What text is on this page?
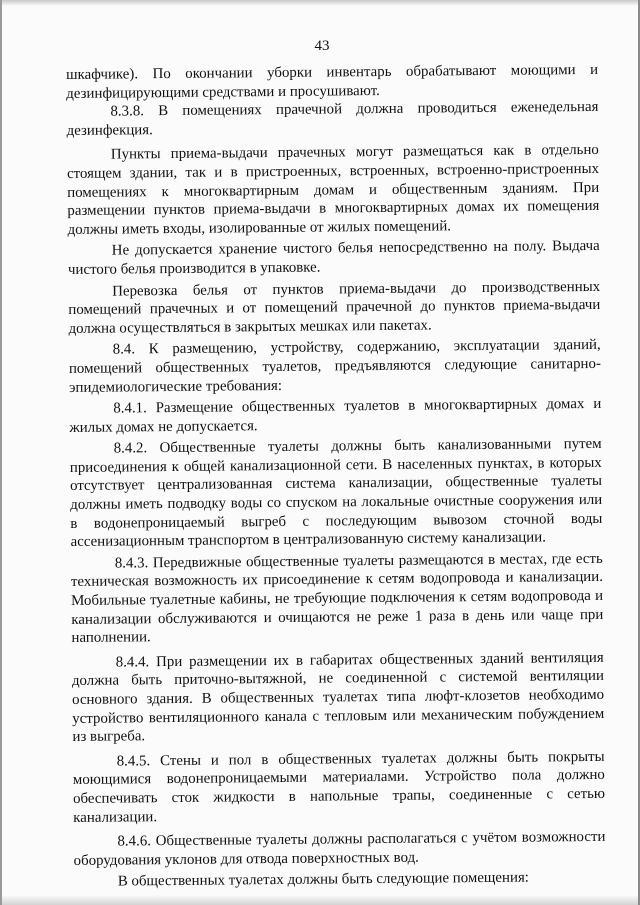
43

шкафчике). По окончании уборки инвентарь обрабатывают моющими и дезинфицирующими средствами и просушивают.

8.3.8. В помещениях прачечной должна проводиться еженедельная дезинфекция.

Пункты приема-выдачи прачечных могут размещаться как в отдельно стоящем здании, так и в пристроенных, встроенных, встроенно-пристроенных помещениях к многоквартирным домам и общественным зданиям. При размещении пунктов приема-выдачи в многоквартирных домах их помещения должны иметь входы, изолированные от жилых помещений.

Не допускается хранение чистого белья непосредственно на полу. Выдача чистого белья производится в упаковке.

Перевозка белья от пунктов приема-выдачи до производственных помещений прачечных и от помещений прачечной до пунктов приема-выдачи должна осуществляться в закрытых мешках или пакетах.

8.4. К размещению, устройству, содержанию, эксплуатации зданий, помещений общественных туалетов, предъявляются следующие санитарно-эпидемиологические требования:

8.4.1. Размещение общественных туалетов в многоквартирных домах и жилых домах не допускается.

8.4.2. Общественные туалеты должны быть канализованными путем присоединения к общей канализационной сети. В населенных пунктах, в которых отсутствует централизованная система канализации, общественные туалеты должны иметь подводку воды со спуском на локальные очистные сооружения или в водонепроницаемый выгреб с последующим вывозом сточной воды ассенизационным транспортом в централизованную систему канализации.

8.4.3. Передвижные общественные туалеты размещаются в местах, где есть техническая возможность их присоединение к сетям водопровода и канализации. Мобильные туалетные кабины, не требующие подключения к сетям водопровода и канализации обслуживаются и очищаются не реже 1 раза в день или чаще при наполнении.

8.4.4. При размещении их в габаритах общественных зданий вентиляция должна быть приточно-вытяжной, не соединенной с системой вентиляции основного здания. В общественных туалетах типа люфт-клозетов необходимо устройство вентиляционного канала с тепловым или механическим побуждением из выгреба.

8.4.5. Стены и пол в общественных туалетах должны быть покрыты моющимися водонепроницаемыми материалами. Устройство пола должно обеспечивать сток жидкости в напольные трапы, соединенные с сетью канализации.

8.4.6. Общественные туалеты должны располагаться с учётом возможности оборудования уклонов для отвода поверхностных вод.

В общественных туалетах должны быть следующие помещения:
